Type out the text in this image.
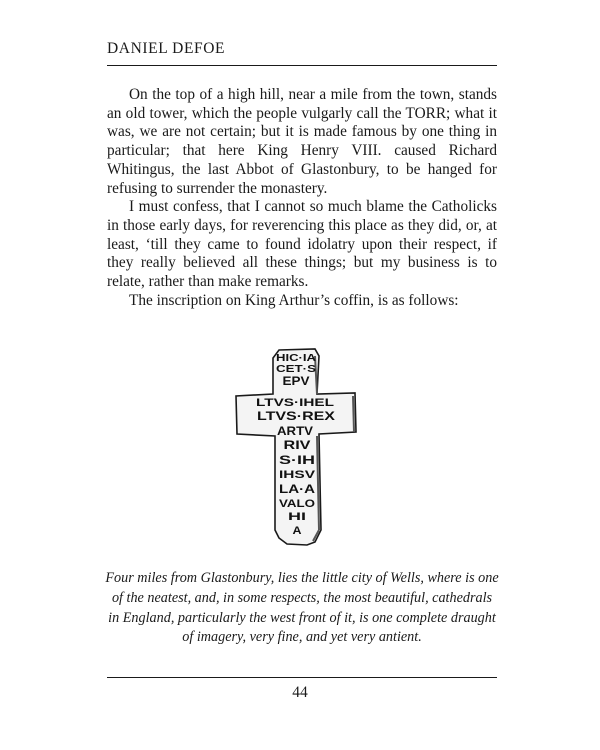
DANIEL DEFOE

On the top of a high hill, near a mile from the town, stands an old tower, which the people vulgarly call the TORR; what it was, we are not certain; but it is made famous by one thing in particular; that here King Henry VIII. caused Richard Whitingus, the last Abbot of Glastonbury, to be hanged for refusing to surrender the monastery.

I must confess, that I cannot so much blame the Catholicks in those early days, for reverencing this place as they did, or, at least, ‘till they came to found idolatry upon their respect, if they really believed all these things; but my business is to relate, rather than make remarks.

The inscription on King Arthur’s coffin, is as follows:

HIC·IA
CET·S
EPV
LTVS·IHEL
LTVS·REX
ARTV
RIV
S·IH
IHSV
LA·A
VALO
HI
A
Four miles from Glastonbury, lies the little city of Wells, where is one of the neatest, and, in some respects, the most beautiful, cathedrals in England, particularly the west front of it, is one complete draught of imagery, very fine, and yet very antient.
44
